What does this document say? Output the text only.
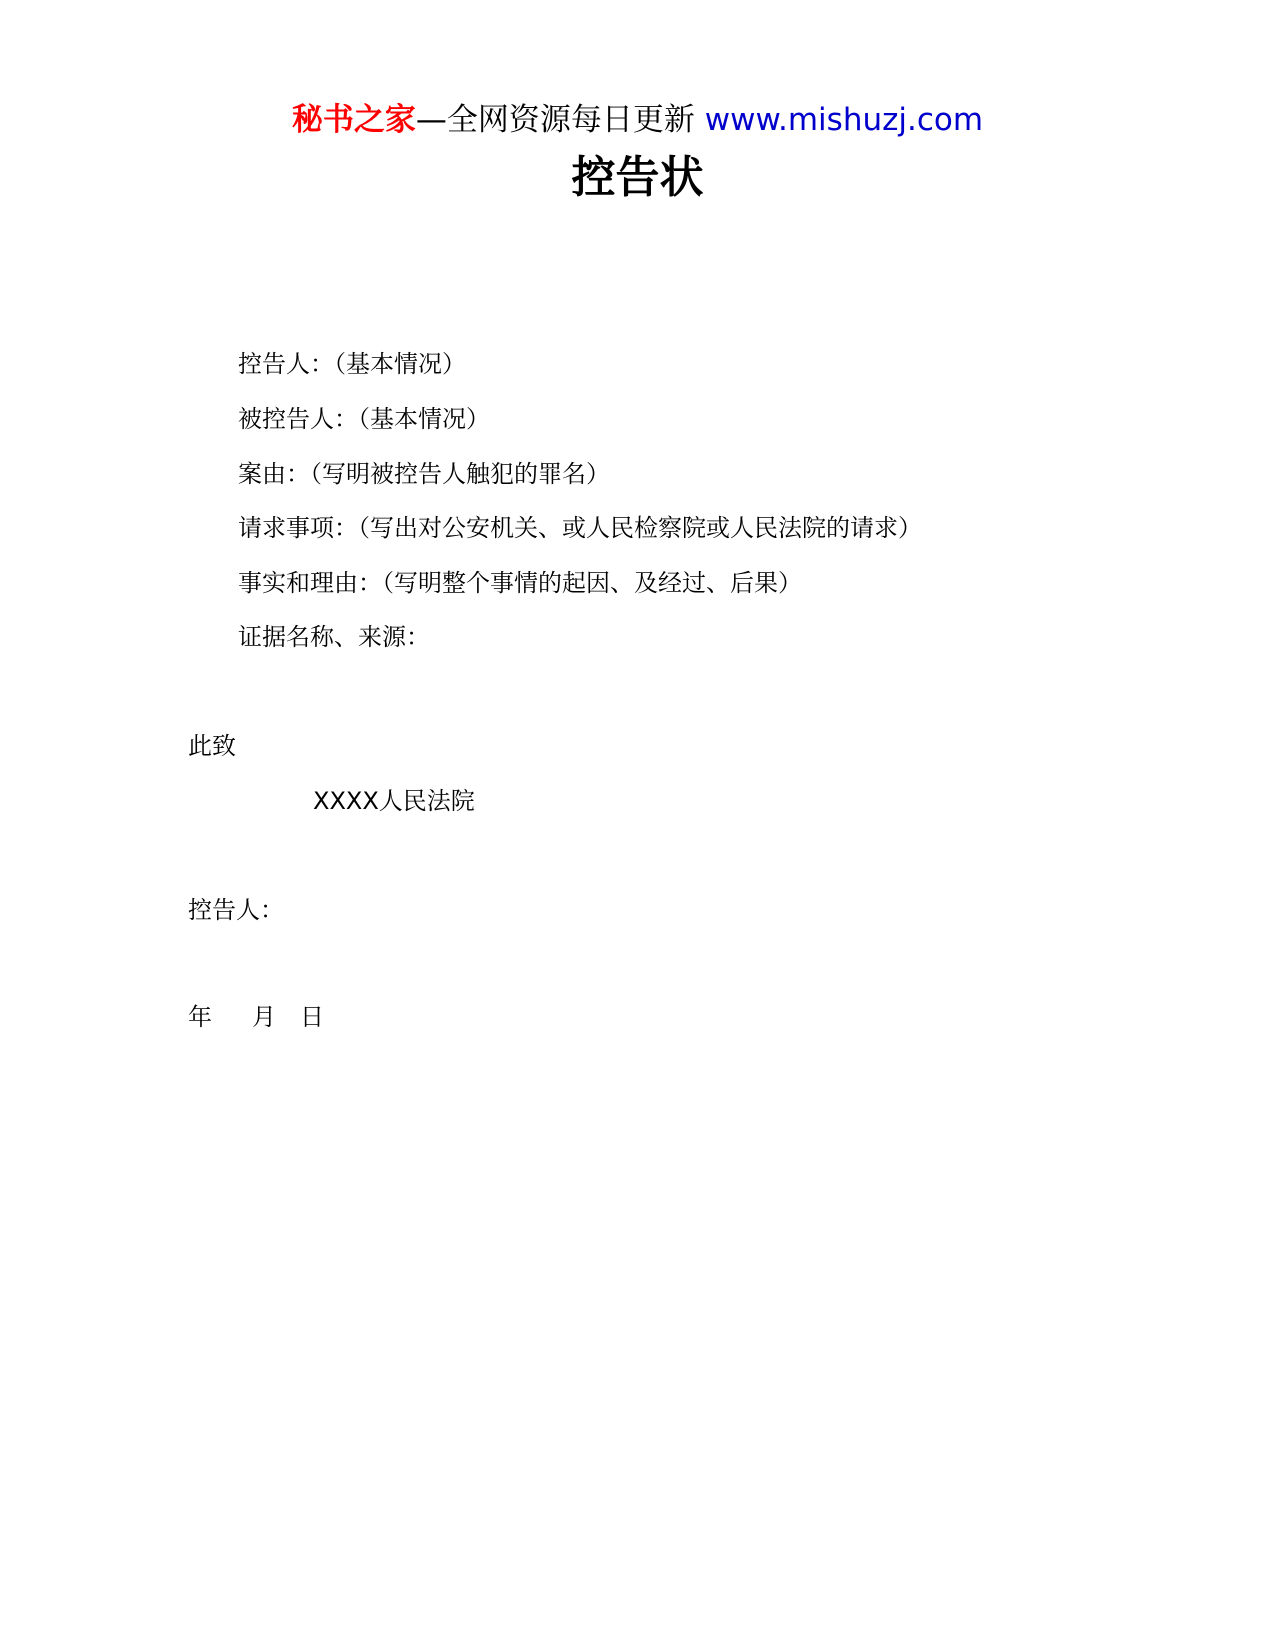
秘书之家—全网资源每日更新 www.mishuzj.com
控告状
控告人：（基本情况）
被控告人：（基本情况）
案由：（写明被控告人触犯的罪名）
请求事项：（写出对公安机关、或人民检察院或人民法院的请求）
事实和理由：（写明整个事情的起因、及经过、后果）
证据名称、来源：
此致
XXXX人民法院
控告人：
年 月 日
